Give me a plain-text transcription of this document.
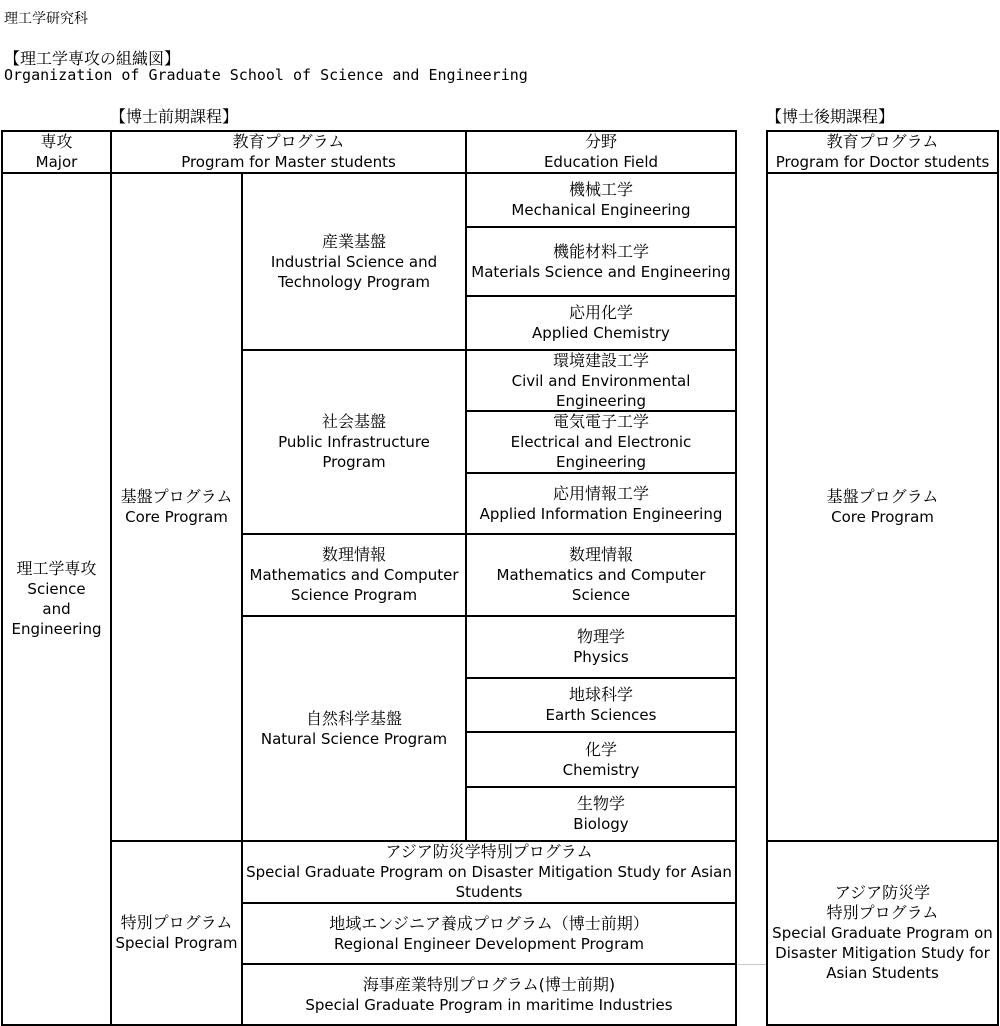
理工学研究科
【理工学専攻の組織図】
Organization of Graduate School of Science and Engineering
【博士前期課程】	【博士後期課程】
専攻
Major
教育プログラム
Program for Master students
分野
Education Field
理工学専攻
Science
and
Engineering
基盤プログラム
Core Program
特別プログラム
Special Program
産業基盤
Industrial Science and
Technology Program
社会基盤
Public Infrastructure
Program
数理情報
Mathematics and Computer
Science Program
自然科学基盤
Natural Science Program
機械工学
Mechanical Engineering
機能材料工学
Materials Science and Engineering
応用化学
Applied Chemistry
環境建設工学
Civil and Environmental
Engineering
電気電子工学
Electrical and Electronic
Engineering
応用情報工学
Applied Information Engineering
数理情報
Mathematics and Computer
Science
物理学
Physics
地球科学
Earth Sciences
化学
Chemistry
生物学
Biology
アジア防災学特別プログラム
Special Graduate Program on Disaster Mitigation Study for Asian
Students
地域エンジニア養成プログラム（博士前期）
Regional Engineer Development Program
海事産業特別プログラム(博士前期)
Special Graduate Program in maritime Industries
教育プログラム
Program for Doctor students
基盤プログラム
Core Program
アジア防災学
特別プログラム
Special Graduate Program on
Disaster Mitigation Study for
Asian Students
